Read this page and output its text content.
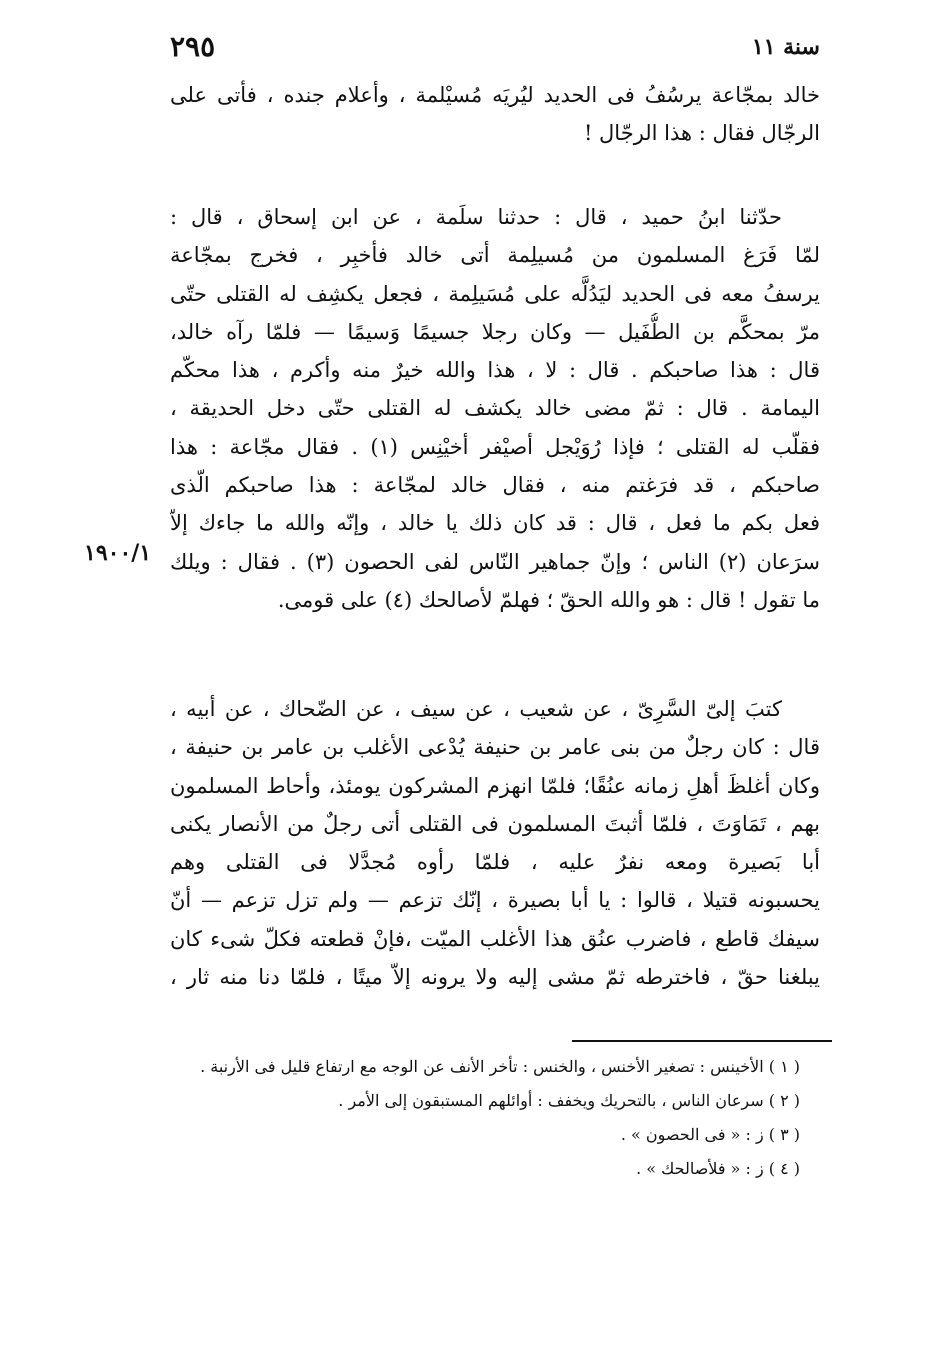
سنة ١١
٢٩٥
خالد بمجّاعة يرسُفُ فى الحديد ليُريَه مُسيْلمة ، وأعلام جنده ، فأتى على
الرجّال فقال : هذا الرجّال !
حدّثنا ابنُ حميد ، قال : حدثنا سلَمة ، عن ابن إسحاق ، قال :
لمّا فَرَغ المسلمون من مُسيلِمة أتى خالد فأخبِر ، فخرج بمجّاعة
يرسفُ معه فى الحديد ليَدُلَّه على مُسَيلِمة ، فجعل يكشِف له القتلى حتّى
مرّ بمحكَّم بن الطُّفَيل — وكان رجلا جسيمًا وَسيمًا — فلمّا رآه خالد،
قال : هذا صاحبكم . قال : لا ، هذا والله خيرٌ منه وأكرم ، هذا محكّم
اليمامة . قال : ثمّ مضى خالد يكشف له القتلى حتّى دخل الحديقة ،
فقلّب له القتلى ؛ فإذا رُوَيْجل أصيْفر أخيْنِس (١) . فقال مجّاعة : هذا
صاحبكم ، قد فرَغتم منه ، فقال خالد لمجّاعة : هذا صاحبكم الّذى
فعل بكم ما فعل ، قال : قد كان ذلك يا خالد ، وإنّه والله ما جاءك إلاّ
سرَعان (٢) الناس ؛ وإنّ جماهير النّاس لفى الحصون (٣) . فقال : ويلك
ما تقول ! قال : هو والله الحقّ ؛ فهلمّ لأصالحك (٤) على قومى.
١٩٠٠/١
كتبَ إلىّ السَّرِىّ ، عن شعيب ، عن سيف ، عن الضّحاك ، عن أبيه ،
قال : كان رجلٌ من بنى عامر بن حنيفة يُدْعى الأغلب بن عامر بن حنيفة ،
وكان أغلظَ أهلِ زمانه عنُقًا؛ فلمّا انهزم المشركون يومئذ، وأحاط المسلمون
بهم ، تَمَاوَتَ ، فلمّا أثبتَ المسلمون فى القتلى أتى رجلٌ من الأنصار يكنى
أبا بَصيرة ومعه نفرٌ عليه ، فلمّا رأوه مُجدَّلا فى القتلى وهم
يحسبونه قتيلا ، قالوا : يا أبا بصيرة ، إنّك تزعم — ولم تزل تزعم — أنّ
سيفك قاطع ، فاضرب عنُق هذا الأغلب الميّت ،فإنْ قطعته فكلّ شىء كان
يبلغنا حقّ ، فاخترطه ثمّ مشى إليه ولا يرونه إلاّ ميتًا ، فلمّا دنا منه ثار ،
( ١ ) الأخينس : تصغير الأخنس ، والخنس : تأخر الأنف عن الوجه مع ارتفاع قليل فى الأرنبة .
( ٢ ) سرعان الناس ، بالتحريك ويخفف : أوائلهم المستبقون إلى الأمر .
( ٣ ) ز : « فى الحصون » .
( ٤ ) ز : « فلأصالحك » .
